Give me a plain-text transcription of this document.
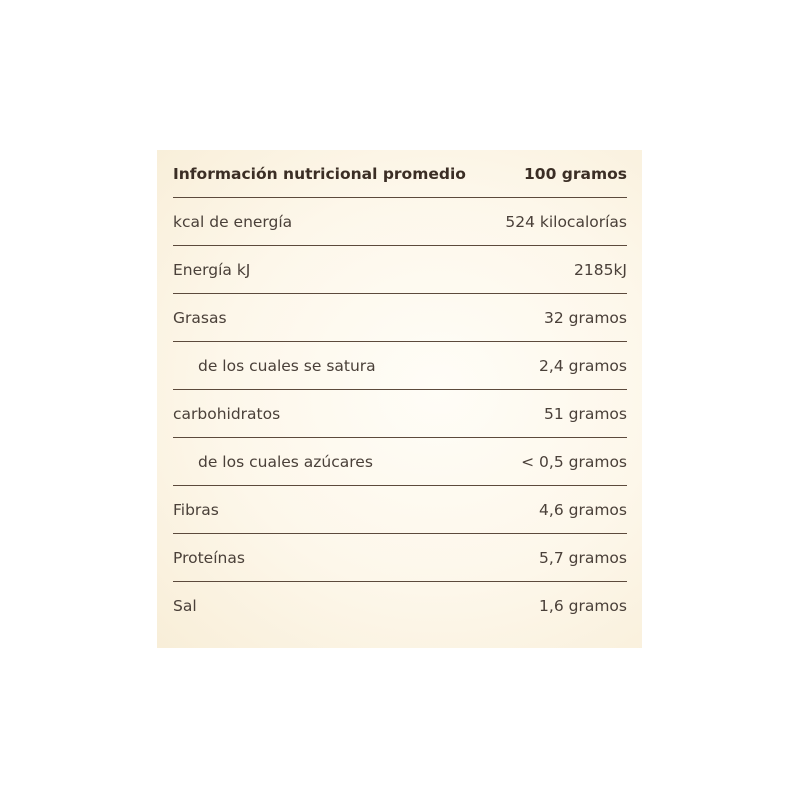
Información nutricional promedio	100 gramos
kcal de energía	524 kilocalorías
Energía kJ	2185kJ
Grasas	32 gramos
de los cuales se satura	2,4 gramos
carbohidratos	51 gramos
de los cuales azúcares	< 0,5 gramos
Fibras	4,6 gramos
Proteínas	5,7 gramos
Sal	1,6 gramos
